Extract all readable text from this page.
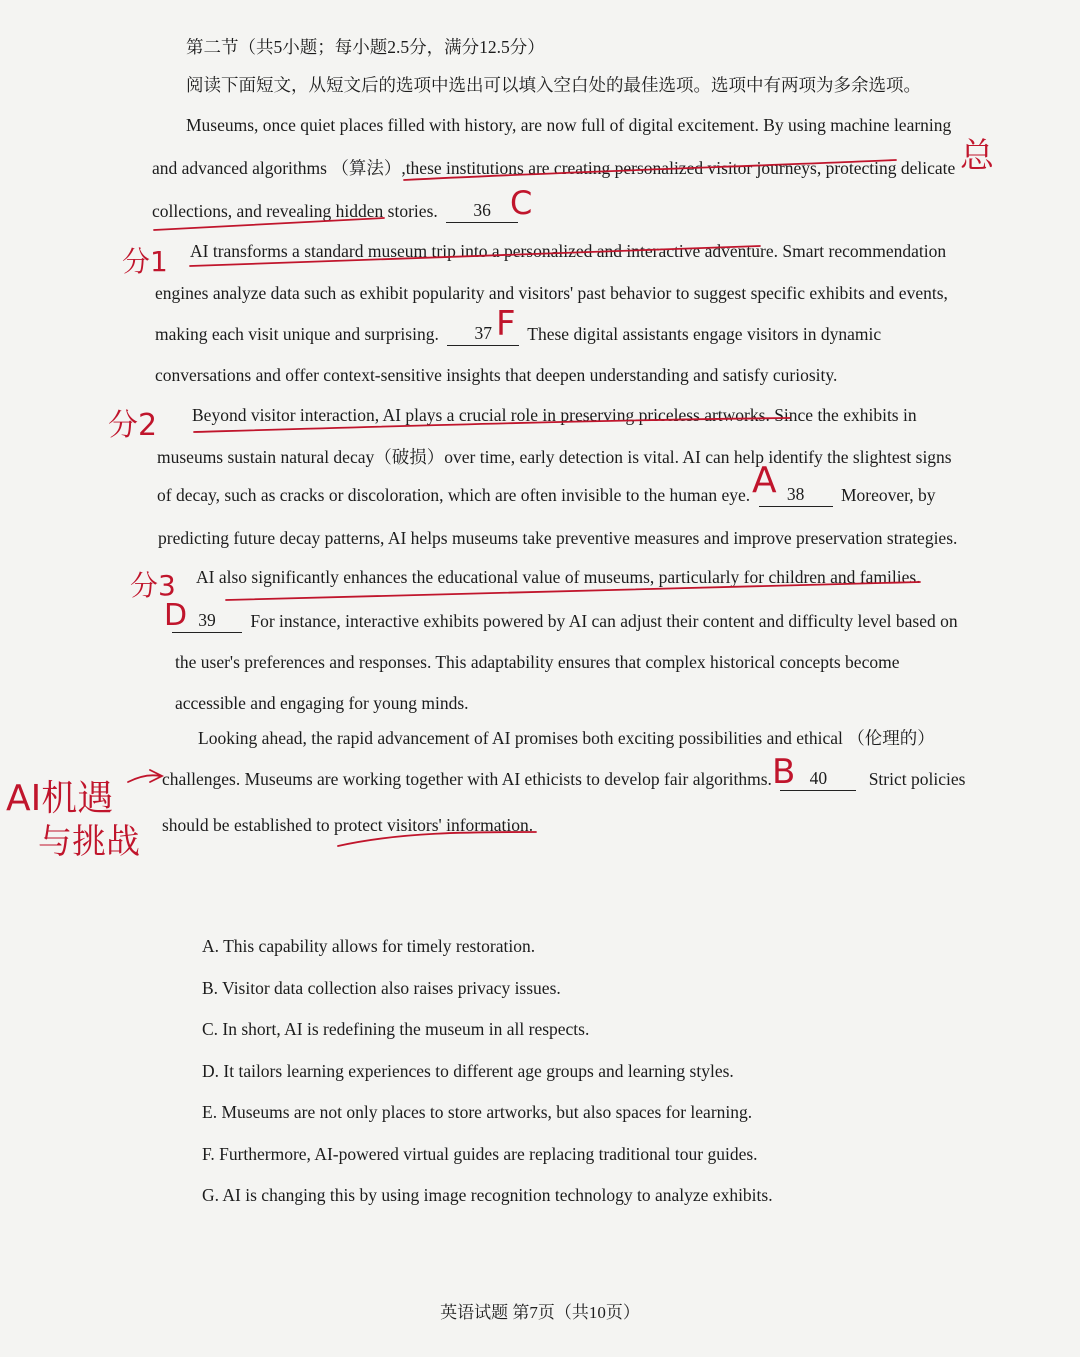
第二节（共5小题；每小题2.5分，满分12.5分）
阅读下面短文，从短文后的选项中选出可以填入空白处的最佳选项。选项中有两项为多余选项。
Museums, once quiet places filled with history, are now full of digital excitement. By using machine learning
and advanced algorithms （算法）,these institutions are creating personalized visitor journeys, protecting delicate
collections, and revealing hidden stories. 36
AI transforms a standard museum trip into a personalized and interactive adventure. Smart recommendation
engines analyze data such as exhibit popularity and visitors' past behavior to suggest specific exhibits and events,
making each visit unique and surprising. 37 These digital assistants engage visitors in dynamic
conversations and offer context-sensitive insights that deepen understanding and satisfy curiosity.
Beyond visitor interaction, AI plays a crucial role in preserving priceless artworks. Since the exhibits in
museums sustain natural decay（破损）over time, early detection is vital. AI can help identify the slightest signs
of decay, such as cracks or discoloration, which are often invisible to the human eye. 38 Moreover, by
predicting future decay patterns, AI helps museums take preventive measures and improve preservation strategies.
AI also significantly enhances the educational value of museums, particularly for children and families.
39 For instance, interactive exhibits powered by AI can adjust their content and difficulty level based on
the user's preferences and responses. This adaptability ensures that complex historical concepts become
accessible and engaging for young minds.
Looking ahead, the rapid advancement of AI promises both exciting possibilities and ethical （伦理的）
challenges. Museums are working together with AI ethicists to develop fair algorithms. 40 Strict policies
should be established to protect visitors' information.
A. This capability allows for timely restoration.
B. Visitor data collection also raises privacy issues.
C. In short, AI is redefining the museum in all respects.
D. It tailors learning experiences to different age groups and learning styles.
E. Museums are not only places to store artworks, but also spaces for learning.
F. Furthermore, AI-powered virtual guides are replacing traditional tour guides.
G. AI is changing this by using image recognition technology to analyze exhibits.
英语试题 第7页（共10页）
C
F
A
D
B
总
分1
分2
分3
AI机遇
与挑战
